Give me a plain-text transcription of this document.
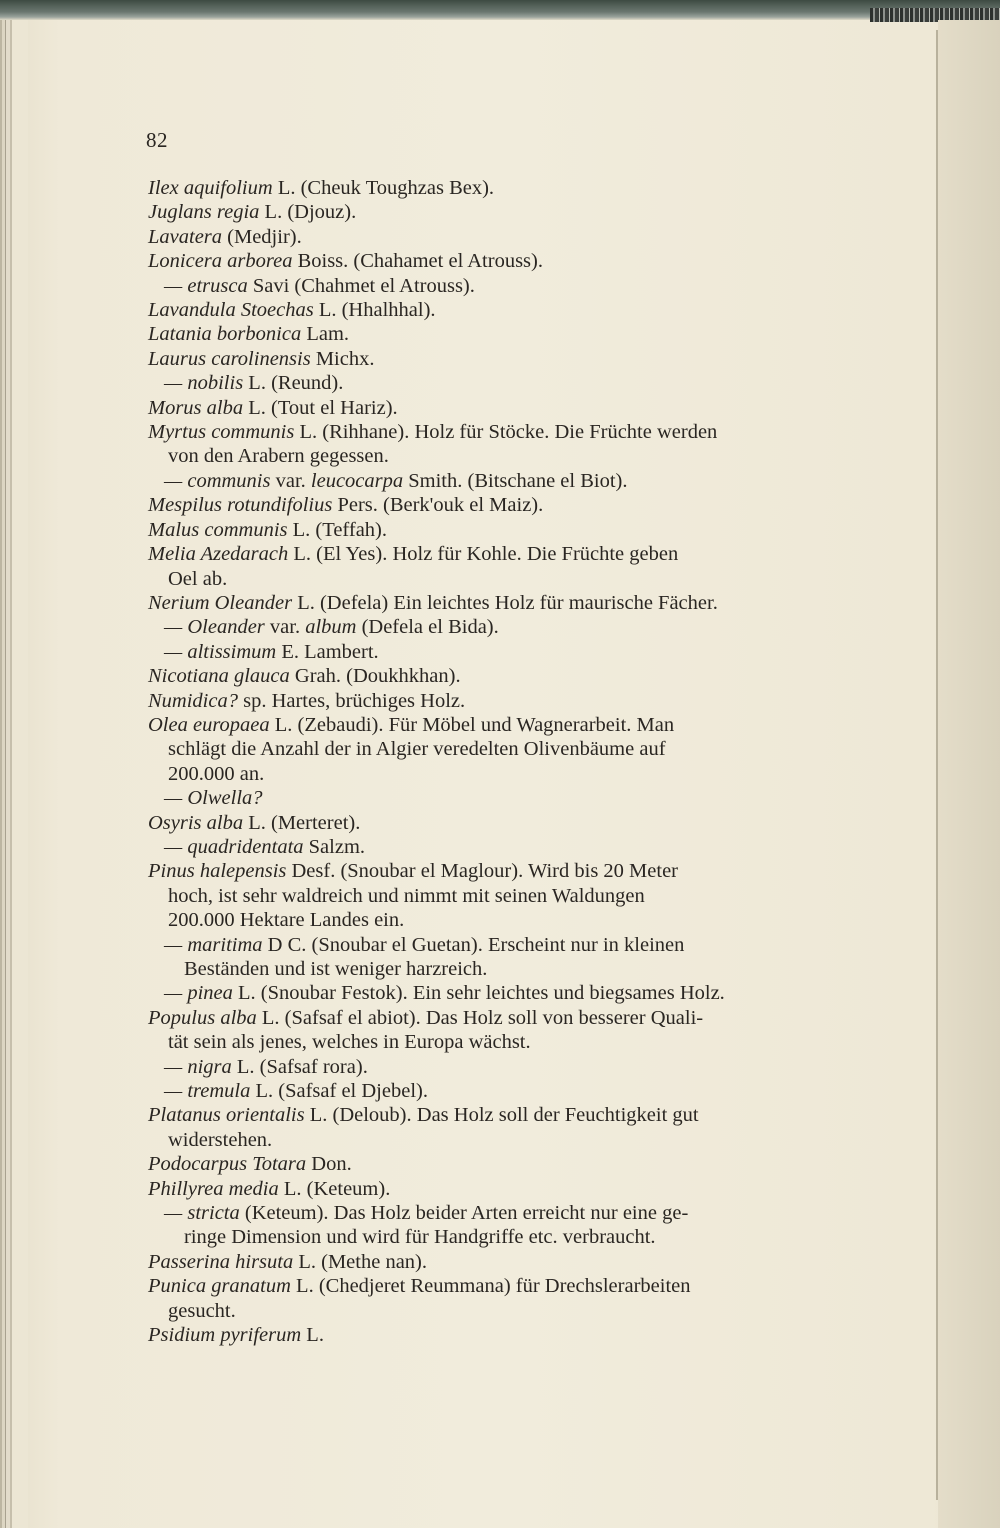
82

Ilex aquifolium L. (Cheuk Toughzas Bex).

Juglans regia L. (Djouz).

Lavatera (Medjir).

Lonicera arborea Boiss. (Chahamet el Atrouss).

— etrusca Savi (Chahmet el Atrouss).

Lavandula Stoechas L. (Hhalhhal).

Latania borbonica Lam.

Laurus carolinensis Michx.

— nobilis L. (Reund).

Morus alba L. (Tout el Hariz).

Myrtus communis L. (Rihhane). Holz für Stöcke. Die Früchte werden
von den Arabern gegessen.

— communis var. leucocarpa Smith. (Bitschane el Biot).

Mespilus rotundifolius Pers. (Berk'ouk el Maiz).

Malus communis L. (Teffah).

Melia Azedarach L. (El Yes). Holz für Kohle. Die Früchte geben
Oel ab.

Nerium Oleander L. (Defela) Ein leichtes Holz für maurische Fächer.

— Oleander var. album (Defela el Bida).

— altissimum E. Lambert.

Nicotiana glauca Grah. (Doukhkhan).

Numidica? sp. Hartes, brüchiges Holz.

Olea europaea L. (Zebaudi). Für Möbel und Wagnerarbeit. Man
schlägt die Anzahl der in Algier veredelten Olivenbäume auf
200.000 an.

— Olwella?

Osyris alba L. (Merteret).

— quadridentata Salzm.

Pinus halepensis Desf. (Snoubar el Maglour). Wird bis 20 Meter
hoch, ist sehr waldreich und nimmt mit seinen Waldungen
200.000 Hektare Landes ein.

— maritima D C. (Snoubar el Guetan). Erscheint nur in kleinen
Beständen und ist weniger harzreich.

— pinea L. (Snoubar Festok). Ein sehr leichtes und biegsames Holz.

Populus alba L. (Safsaf el abiot). Das Holz soll von besserer Quali-
tät sein als jenes, welches in Europa wächst.

— nigra L. (Safsaf rora).

— tremula L. (Safsaf el Djebel).

Platanus orientalis L. (Deloub). Das Holz soll der Feuchtigkeit gut
widerstehen.

Podocarpus Totara Don.

Phillyrea media L. (Keteum).

— stricta (Keteum). Das Holz beider Arten erreicht nur eine ge-
ringe Dimension und wird für Handgriffe etc. verbraucht.

Passerina hirsuta L. (Methe nan).

Punica granatum L. (Chedjeret Reummana) für Drechslerarbeiten
gesucht.

Psidium pyriferum L.
